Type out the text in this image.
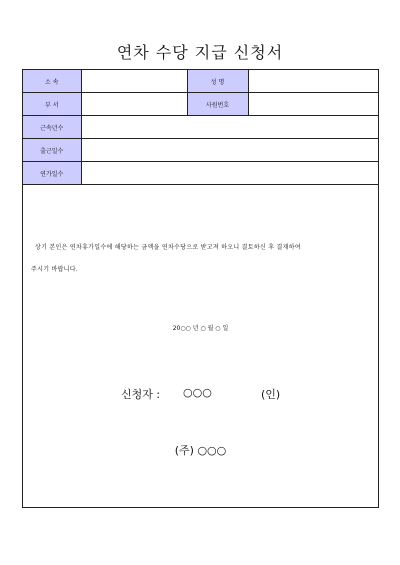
연차 수당 지급 신청서
소 속		성 명	
부 서		사원번호	
근속년수			
출근일수			
연가일수			
상기 본인은 연차휴가일수에 해당하는 금액을 연차수당으로 받고져 하오니 결토하신 후 결재하여
주시기 바랍니다.
20○○ 년 ○ 월 ○ 일
신청자 : ○○○	(인)
(주) ○○○
